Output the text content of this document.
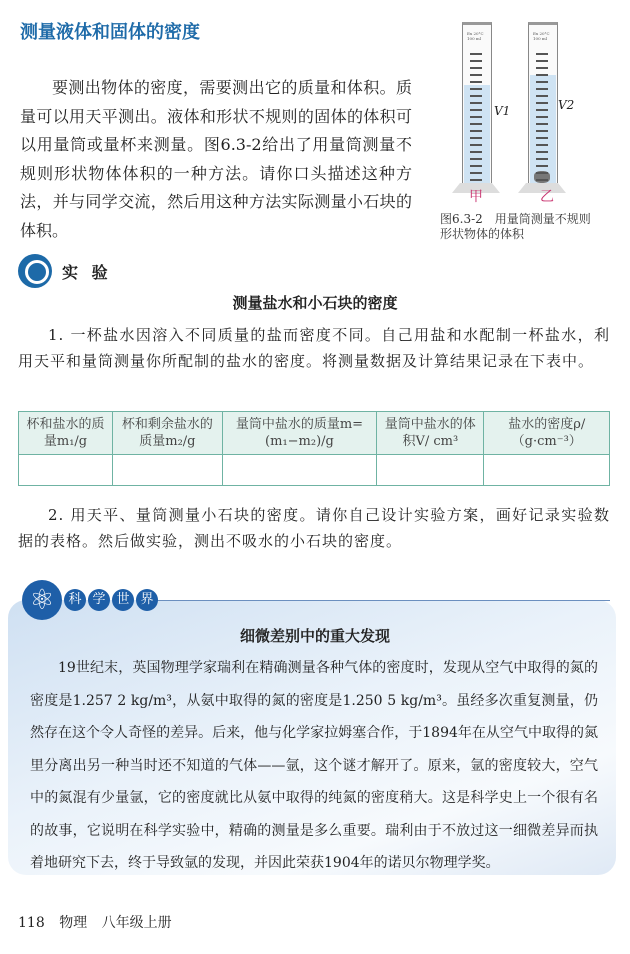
测量液体和固体的密度
要测出物体的密度，需要测出它的质量和体积。质量可以用天平测出。液体和形状不规则的固体的体积可以用量筒或量杯来测量。图6.3-2给出了用量筒测量不规则形状物体体积的一种方法。请你口头描述这种方法，并与同学交流，然后用这种方法实际测量小石块的体积。
Ex 20°C 100 ml
V1
Ex 20°C 100 ml
V2
甲	乙
图6.3-2　用量筒测量不规则形状物体的体积
实 验
测量盐水和小石块的密度
1. 一杯盐水因溶入不同质量的盐而密度不同。自己用盐和水配制一杯盐水，利用天平和量筒测量你所配制的盐水的密度。将测量数据及计算结果记录在下表中。
杯和盐水的质量m₁/g	杯和剩余盐水的质量m₂/g	量筒中盐水的质量m=(m₁−m₂)/g	量筒中盐水的体积V/ cm³	盐水的密度ρ/（g·cm⁻³）

2. 用天平、量筒测量小石块的密度。请你自己设计实验方案，画好记录实验数据的表格。然后做实验，测出不吸水的小石块的密度。
⚛	科 学 世 界
细微差别中的重大发现
19世纪末，英国物理学家瑞利在精确测量各种气体的密度时，发现从空气中取得的氮的密度是1.257 2 kg/m³，从氨中取得的氮的密度是1.250 5 kg/m³。虽经多次重复测量，仍然存在这个令人奇怪的差异。后来，他与化学家拉姆塞合作，于1894年在从空气中取得的氮里分离出另一种当时还不知道的气体——氩，这个谜才解开了。原来，氩的密度较大，空气中的氮混有少量氩，它的密度就比从氨中取得的纯氮的密度稍大。这是科学史上一个很有名的故事，它说明在科学实验中，精确的测量是多么重要。瑞利由于不放过这一细微差异而执着地研究下去，终于导致氩的发现，并因此荣获1904年的诺贝尔物理学奖。
118 物理 八年级上册
